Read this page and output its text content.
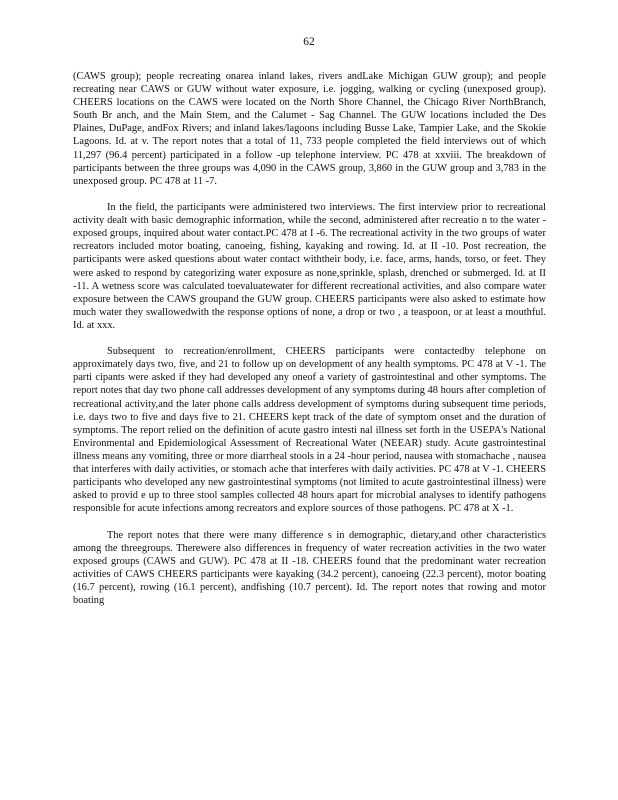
62

(CAWS group); people recreating onarea inland lakes, rivers andLake Michigan GUW group); and people recreating near CAWS or GUW without water exposure, i.e. jogging, walking or cycling (unexposed group). CHEERS locations on the CAWS were located on the North Shore Channel, the Chicago River NorthBranch, South Br anch, and the Main Stem, and the Calumet - Sag Channel. The GUW locations included the Des Plaines, DuPage, andFox Rivers; and inland lakes/lagoons including Busse Lake, Tampier Lake, and the Skokie Lagoons. Id. at v. The report notes that a total of 11, 733 people completed the field interviews out of which 11,297 (96.4 percent) participated in a follow -up telephone interview. PC 478 at xxviii. The breakdown of participants between the three groups was 4,090 in the CAWS group, 3,860 in the GUW group and 3,783 in the unexposed group. PC 478 at 11 -7.

In the field, the participants were administered two interviews. The first interview prior to recreational activity dealt with basic demographic information, while the second, administered after recreatio n to the water -exposed groups, inquired about water contact.PC 478 at I -6. The recreational activity in the two groups of water recreators included motor boating, canoeing, fishing, kayaking and rowing. Id. at II -10. Post recreation, the participants were asked questions about water contact withtheir body, i.e. face, arms, hands, torso, or feet. They were asked to respond by categorizing water exposure as none,sprinkle, splash, drenched or submerged. Id. at II -11. A wetness score was calculated toevaluatewater for different recreational activities, and also compare water exposure between the CAWS groupand the GUW group. CHEERS participants were also asked to estimate how much water they swallowedwith the response options of none, a drop or two , a teaspoon, or at least a mouthful. Id. at xxx.

Subsequent to recreation/enrollment, CHEERS participants were contactedby telephone on approximately days two, five, and 21 to follow up on development of any health symptoms. PC 478 at V -1. The parti cipants were asked if they had developed any oneof a variety of gastrointestinal and other symptoms. The report notes that day two phone call addresses development of any symptoms during 48 hours after completion of recreational activity,and the later phone calls address development of symptoms during subsequent time periods, i.e. days two to five and days five to 21. CHEERS kept track of the date of symptom onset and the duration of symptoms. The report relied on the definition of acute gastro intesti nal illness set forth in the USEPA's National Environmental and Epidemiological Assessment of Recreational Water (NEEAR) study. Acute gastrointestinal illness means any vomiting, three or more diarrheal stools in a 24 -hour period, nausea with stomachache , nausea that interferes with daily activities, or stomach ache that interferes with daily activities. PC 478 at V -1. CHEERS participants who developed any new gastrointestinal symptoms (not limited to acute gastrointestinal illness) were asked to provid e up to three stool samples collected 48 hours apart for microbial analyses to identify pathogens responsible for acute infections among recreators and explore sources of those pathogens. PC 478 at X -1.

The report notes that there were many difference s in demographic, dietary,and other characteristics among the threegroups. Therewere also differences in frequency of water recreation activities in the two water exposed groups (CAWS and GUW). PC 478 at II -18. CHEERS found that the predominant water recreation activities of CAWS CHEERS participants were kayaking (34.2 percent), canoeing (22.3 percent), motor boating (16.7 percent), rowing (16.1 percent), andfishing (10.7 percent). Id. The report notes that rowing and motor boating
